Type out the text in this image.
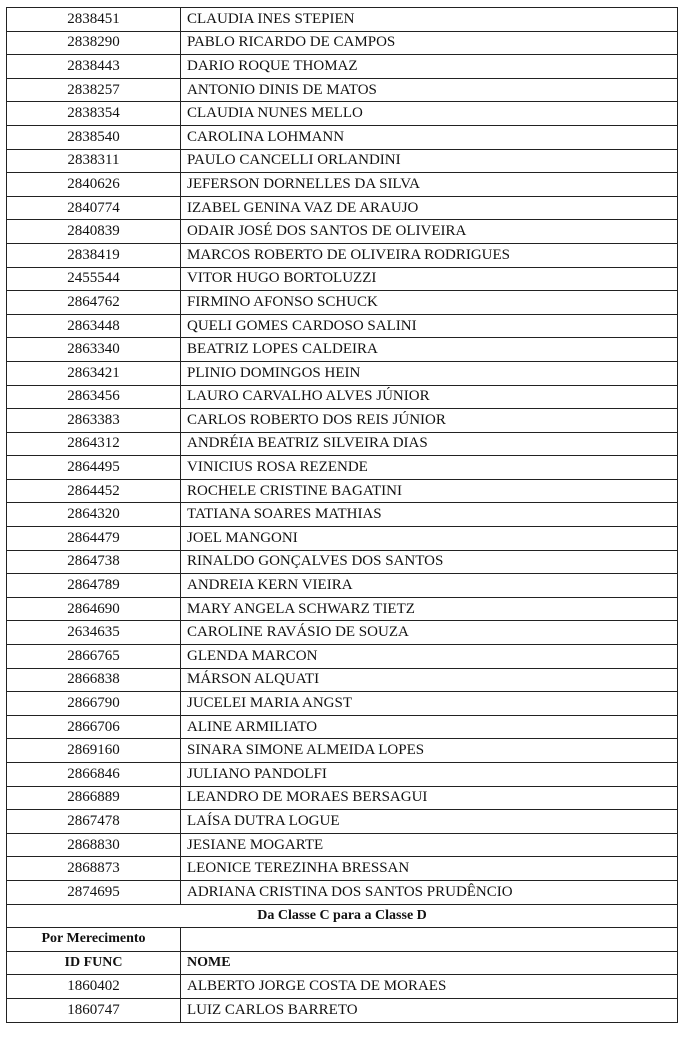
2838451	CLAUDIA INES STEPIEN
2838290	PABLO RICARDO DE CAMPOS
2838443	DARIO ROQUE THOMAZ
2838257	ANTONIO DINIS DE MATOS
2838354	CLAUDIA NUNES MELLO
2838540	CAROLINA LOHMANN
2838311	PAULO CANCELLI ORLANDINI
2840626	JEFERSON DORNELLES DA SILVA
2840774	IZABEL GENINA VAZ DE ARAUJO
2840839	ODAIR JOSÉ DOS SANTOS DE OLIVEIRA
2838419	MARCOS ROBERTO DE OLIVEIRA RODRIGUES
2455544	VITOR HUGO BORTOLUZZI
2864762	FIRMINO AFONSO SCHUCK
2863448	QUELI GOMES CARDOSO SALINI
2863340	BEATRIZ LOPES CALDEIRA
2863421	PLINIO DOMINGOS HEIN
2863456	LAURO CARVALHO ALVES JÚNIOR
2863383	CARLOS ROBERTO DOS REIS JÚNIOR
2864312	ANDRÉIA BEATRIZ SILVEIRA DIAS
2864495	VINICIUS ROSA REZENDE
2864452	ROCHELE CRISTINE BAGATINI
2864320	TATIANA SOARES MATHIAS
2864479	JOEL MANGONI
2864738	RINALDO GONÇALVES DOS SANTOS
2864789	ANDREIA KERN VIEIRA
2864690	MARY ANGELA SCHWARZ TIETZ
2634635	CAROLINE RAVÁSIO DE SOUZA
2866765	GLENDA MARCON
2866838	MÁRSON ALQUATI
2866790	JUCELEI MARIA ANGST
2866706	ALINE ARMILIATO
2869160	SINARA SIMONE ALMEIDA LOPES
2866846	JULIANO PANDOLFI
2866889	LEANDRO DE MORAES BERSAGUI
2867478	LAÍSA DUTRA LOGUE
2868830	JESIANE MOGARTE
2868873	LEONICE TEREZINHA BRESSAN
2874695	ADRIANA CRISTINA DOS SANTOS PRUDÊNCIO
Da Classe C para a Classe D	
Por Merecimento	
ID FUNC	NOME
1860402	ALBERTO JORGE COSTA DE MORAES
1860747	LUIZ CARLOS BARRETO
